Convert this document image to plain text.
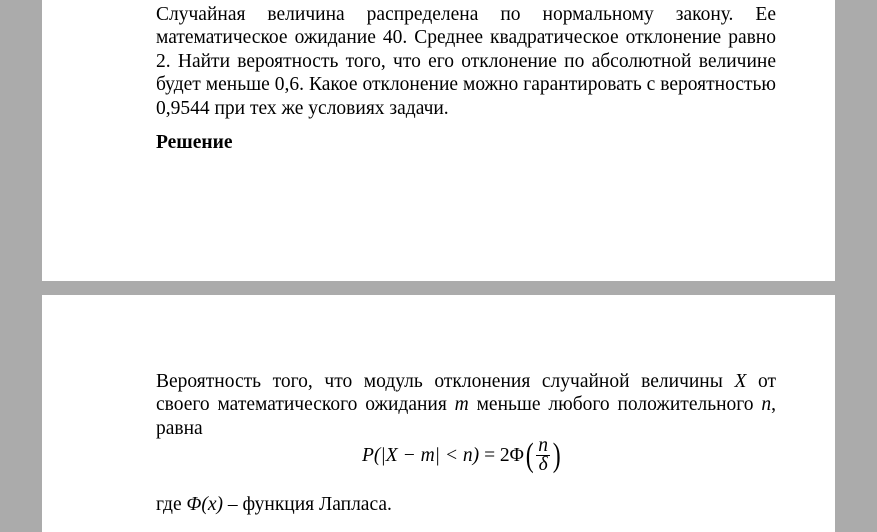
Случайная величина распределена по нормальному закону. Ее математическое ожидание 40. Среднее квадратическое отклонение равно 2. Найти вероятность того, что его отклонение по абсолютной величине будет меньше 0,6. Какое отклонение можно гарантировать с вероятностью 0,9544 при тех же условиях задачи.

Решение

Вероятность того, что модуль отклонения случайной величины X от своего математического ожидания m меньше любого положительного n, равна

P(|X − m| < n) = 2Φ ( $\frac{n}{\delta}$ )

где Φ(x) – функция Лапласа.
